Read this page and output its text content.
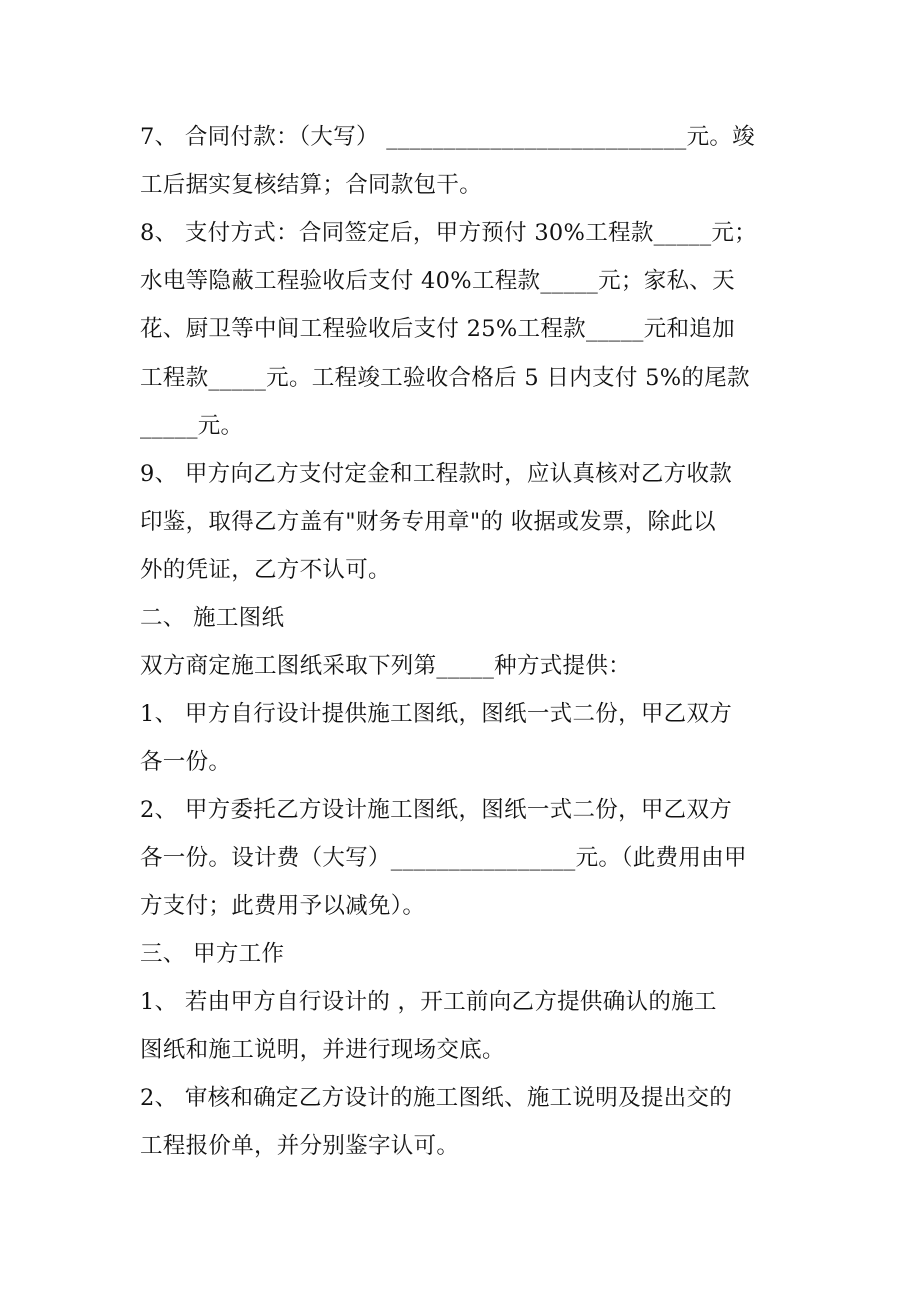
7、 合同付款：（大写） __________________________元。竣
工后据实复核结算；合同款包干。
8、 支付方式：合同签定后，甲方预付 30%工程款_____元；
水电等隐蔽工程验收后支付 40%工程款_____元；家私、天
花、厨卫等中间工程验收后支付 25%工程款_____元和追加
工程款_____元。工程竣工验收合格后 5 日内支付 5%的尾款
_____元。
9、 甲方向乙方支付定金和工程款时，应认真核对乙方收款
印鉴，取得乙方盖有"财务专用章"的 收据或发票，除此以
外的凭证，乙方不认可。
二、 施工图纸
双方商定施工图纸采取下列第_____种方式提供：
1、 甲方自行设计提供施工图纸，图纸一式二份，甲乙双方
各一份。
2、 甲方委托乙方设计施工图纸，图纸一式二份，甲乙双方
各一份。设计费（大写）________________元。（此费用由甲
方支付；此费用予以减免）。
三、 甲方工作
1、 若由甲方自行设计的 ，开工前向乙方提供确认的施工
图纸和施工说明，并进行现场交底。
2、 审核和确定乙方设计的施工图纸、施工说明及提出交的
工程报价单，并分别鉴字认可。
